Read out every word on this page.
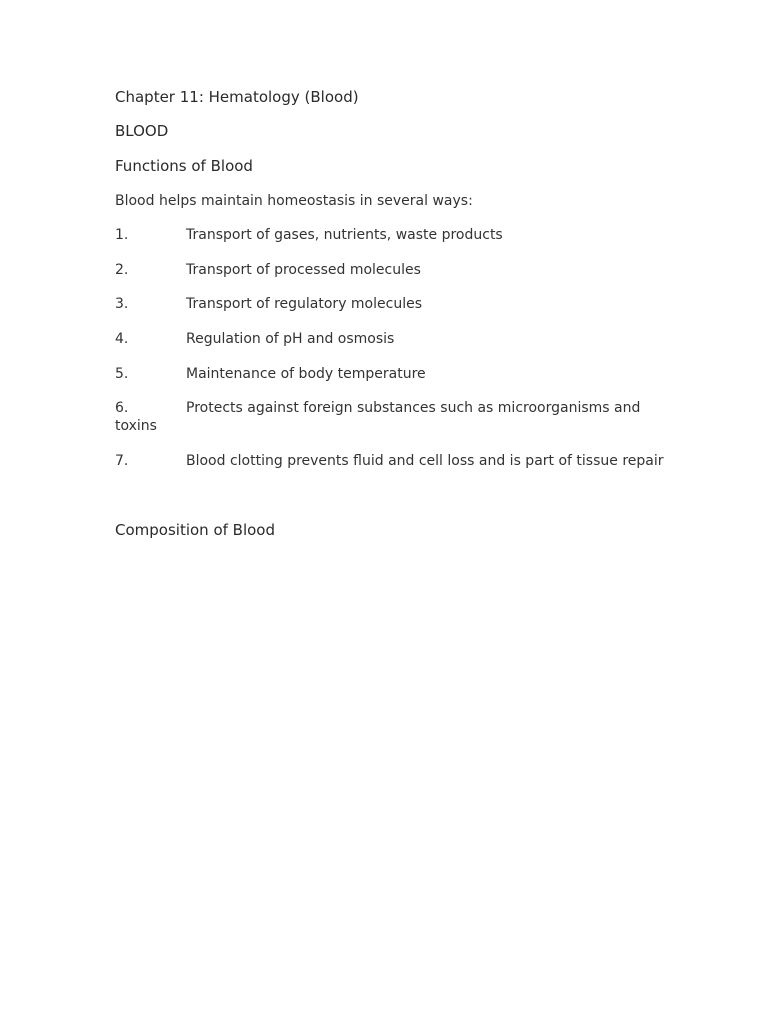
Chapter 11: Hematology (Blood)
BLOOD
Functions of Blood
Blood helps maintain homeostasis in several ways:
1.	Transport of gases, nutrients, waste products
2.	Transport of processed molecules
3.	Transport of regulatory molecules
4.	Regulation of pH and osmosis
5.	Maintenance of body temperature
6.	Protects against foreign substances such as microorganisms and
toxins
7.	Blood clotting prevents fluid and cell loss and is part of tissue repair
Composition of Blood
